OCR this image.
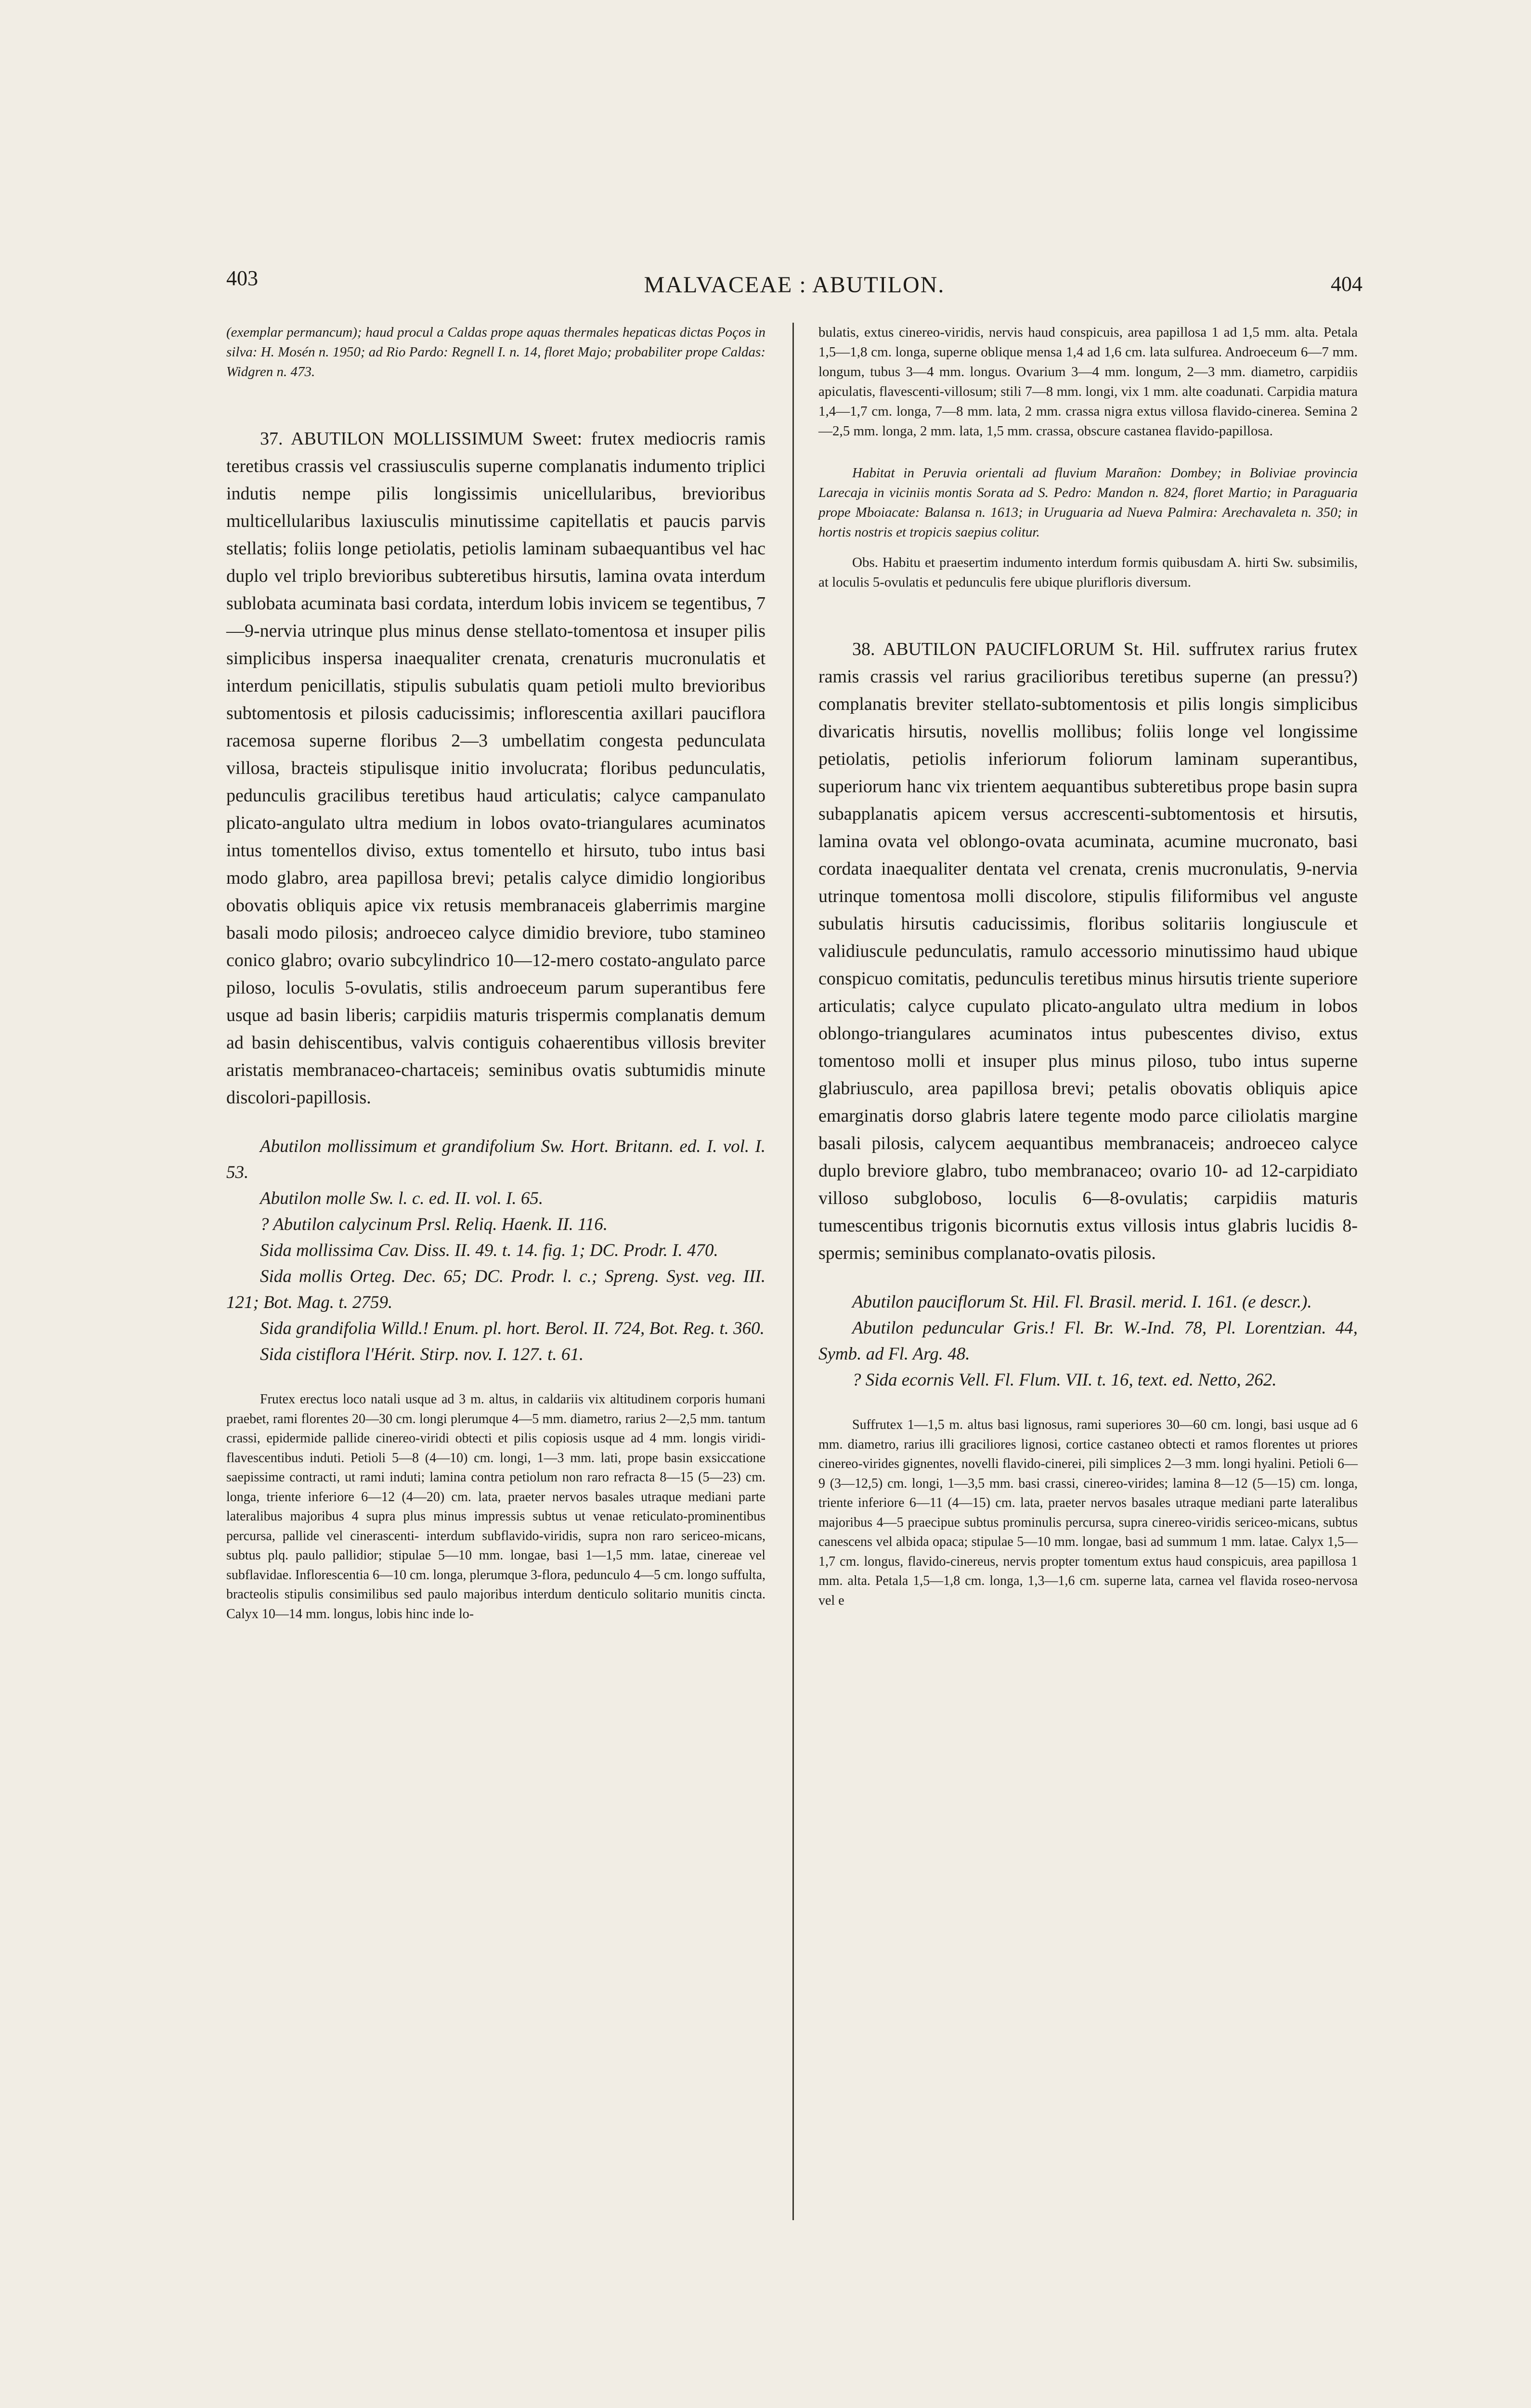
403	MALVACEAE : ABUTILON.	404

(exemplar permancum); haud procul a Caldas prope aquas thermales hepaticas dictas Poços in silva: H. Mosén n. 1950; ad Rio Pardo: Regnell I. n. 14, floret Majo; probabiliter prope Caldas: Widgren n. 473.

37. ABUTILON MOLLISSIMUM Sweet: frutex mediocris ramis teretibus crassis vel crassiusculis superne complanatis indumento triplici indutis nempe pilis longissimis unicellularibus, brevioribus multicellularibus laxiusculis minutissime capitellatis et paucis parvis stellatis; foliis longe petiolatis, petiolis laminam subaequantibus vel hac duplo vel triplo brevioribus subteretibus hirsutis, lamina ovata interdum sublobata acuminata basi cordata, interdum lobis invicem se tegentibus, 7—9-nervia utrinque plus minus dense stellato-tomentosa et insuper pilis simplicibus inspersa inaequaliter crenata, crenaturis mucronulatis et interdum penicillatis, stipulis subulatis quam petioli multo brevioribus subtomentosis et pilosis caducissimis; inflorescentia axillari pauciflora racemosa superne floribus 2—3 umbellatim congesta pedunculata villosa, bracteis stipulisque initio involucrata; floribus pedunculatis, pedunculis gracilibus teretibus haud articulatis; calyce campanulato plicato-angulato ultra medium in lobos ovato-triangulares acuminatos intus tomentellos diviso, extus tomentello et hirsuto, tubo intus basi modo glabro, area papillosa brevi; petalis calyce dimidio longioribus obovatis obliquis apice vix retusis membranaceis glaberrimis margine basali modo pilosis; androeceo calyce dimidio breviore, tubo stamineo conico glabro; ovario subcylindrico 10—12-mero costato-angulato parce piloso, loculis 5-ovulatis, stilis androeceum parum superantibus fere usque ad basin liberis; carpidiis maturis trispermis complanatis demum ad basin dehiscentibus, valvis contiguis cohaerentibus villosis breviter aristatis membranaceo-chartaceis; seminibus ovatis subtumidis minute discolori-papillosis.

Abutilon mollissimum et grandifolium Sw. Hort. Britann. ed. I. vol. I. 53.

Abutilon molle Sw. l. c. ed. II. vol. I. 65.

? Abutilon calycinum Prsl. Reliq. Haenk. II. 116.

Sida mollissima Cav. Diss. II. 49. t. 14. fig. 1; DC. Prodr. I. 470.

Sida mollis Orteg. Dec. 65; DC. Prodr. l. c.; Spreng. Syst. veg. III. 121; Bot. Mag. t. 2759.

Sida grandifolia Willd.! Enum. pl. hort. Berol. II. 724, Bot. Reg. t. 360.

Sida cistiflora l'Hérit. Stirp. nov. I. 127. t. 61.

Frutex erectus loco natali usque ad 3 m. altus, in caldariis vix altitudinem corporis humani praebet, rami florentes 20—30 cm. longi plerumque 4—5 mm. diametro, rarius 2—2,5 mm. tantum crassi, epidermide pallide cinereo-viridi obtecti et pilis copiosis usque ad 4 mm. longis viridi-flavescentibus induti. Petioli 5—8 (4—10) cm. longi, 1—3 mm. lati, prope basin exsiccatione saepissime contracti, ut rami induti; lamina contra petiolum non raro refracta 8—15 (5—23) cm. longa, triente inferiore 6—12 (4—20) cm. lata, praeter nervos basales utraque mediani parte lateralibus majoribus 4 supra plus minus impressis subtus ut venae reticulato-prominentibus percursa, pallide vel cinerascenti- interdum subflavido-viridis, supra non raro sericeo-micans, subtus plq. paulo pallidior; stipulae 5—10 mm. longae, basi 1—1,5 mm. latae, cinereae vel subflavidae. Inflorescentia 6—10 cm. longa, plerumque 3-flora, pedunculo 4—5 cm. longo suffulta, bracteolis stipulis consimilibus sed paulo majoribus interdum denticulo solitario munitis cincta. Calyx 10—14 mm. longus, lobis hinc inde lo-

bulatis, extus cinereo-viridis, nervis haud conspicuis, area papillosa 1 ad 1,5 mm. alta. Petala 1,5—1,8 cm. longa, superne oblique mensa 1,4 ad 1,6 cm. lata sulfurea. Androeceum 6—7 mm. longum, tubus 3—4 mm. longus. Ovarium 3—4 mm. longum, 2—3 mm. diametro, carpidiis apiculatis, flavescenti-villosum; stili 7—8 mm. longi, vix 1 mm. alte coadunati. Carpidia matura 1,4—1,7 cm. longa, 7—8 mm. lata, 2 mm. crassa nigra extus villosa flavido-cinerea. Semina 2—2,5 mm. longa, 2 mm. lata, 1,5 mm. crassa, obscure castanea flavido-papillosa.

Habitat in Peruvia orientali ad fluvium Marañon: Dombey; in Boliviae provincia Larecaja in viciniis montis Sorata ad S. Pedro: Mandon n. 824, floret Martio; in Paraguaria prope Mboiacate: Balansa n. 1613; in Uruguaria ad Nueva Palmira: Arechavaleta n. 350; in hortis nostris et tropicis saepius colitur.

Obs. Habitu et praesertim indumento interdum formis quibusdam A. hirti Sw. subsimilis, at loculis 5-ovulatis et pedunculis fere ubique plurifloris diversum.

38. ABUTILON PAUCIFLORUM St. Hil. suffrutex rarius frutex ramis crassis vel rarius gracilioribus teretibus superne (an pressu?) complanatis breviter stellato-subtomentosis et pilis longis simplicibus divaricatis hirsutis, novellis mollibus; foliis longe vel longissime petiolatis, petiolis inferiorum foliorum laminam superantibus, superiorum hanc vix trientem aequantibus subteretibus prope basin supra subapplanatis apicem versus accrescenti-subtomentosis et hirsutis, lamina ovata vel oblongo-ovata acuminata, acumine mucronato, basi cordata inaequaliter dentata vel crenata, crenis mucronulatis, 9-nervia utrinque tomentosa molli discolore, stipulis filiformibus vel anguste subulatis hirsutis caducissimis, floribus solitariis longiuscule et validiuscule pedunculatis, ramulo accessorio minutissimo haud ubique conspicuo comitatis, pedunculis teretibus minus hirsutis triente superiore articulatis; calyce cupulato plicato-angulato ultra medium in lobos oblongo-triangulares acuminatos intus pubescentes diviso, extus tomentoso molli et insuper plus minus piloso, tubo intus superne glabriusculo, area papillosa brevi; petalis obovatis obliquis apice emarginatis dorso glabris latere tegente modo parce ciliolatis margine basali pilosis, calycem aequantibus membranaceis; androeceo calyce duplo breviore glabro, tubo membranaceo; ovario 10- ad 12-carpidiato villoso subgloboso, loculis 6—8-ovulatis; carpidiis maturis tumescentibus trigonis bicornutis extus villosis intus glabris lucidis 8-spermis; seminibus complanato-ovatis pilosis.

Abutilon pauciflorum St. Hil. Fl. Brasil. merid. I. 161. (e descr.).

Abutilon peduncular Gris.! Fl. Br. W.-Ind. 78, Pl. Lorentzian. 44, Symb. ad Fl. Arg. 48.

? Sida ecornis Vell. Fl. Flum. VII. t. 16, text. ed. Netto, 262.

Suffrutex 1—1,5 m. altus basi lignosus, rami superiores 30—60 cm. longi, basi usque ad 6 mm. diametro, rarius illi graciliores lignosi, cortice castaneo obtecti et ramos florentes ut priores cinereo-virides gignentes, novelli flavido-cinerei, pili simplices 2—3 mm. longi hyalini. Petioli 6—9 (3—12,5) cm. longi, 1—3,5 mm. basi crassi, cinereo-virides; lamina 8—12 (5—15) cm. longa, triente inferiore 6—11 (4—15) cm. lata, praeter nervos basales utraque mediani parte lateralibus majoribus 4—5 praecipue subtus prominulis percursa, supra cinereo-viridis sericeo-micans, subtus canescens vel albida opaca; stipulae 5—10 mm. longae, basi ad summum 1 mm. latae. Calyx 1,5—1,7 cm. longus, flavido-cinereus, nervis propter tomentum extus haud conspicuis, area papillosa 1 mm. alta. Petala 1,5—1,8 cm. longa, 1,3—1,6 cm. superne lata, carnea vel flavida roseo-nervosa vel e
